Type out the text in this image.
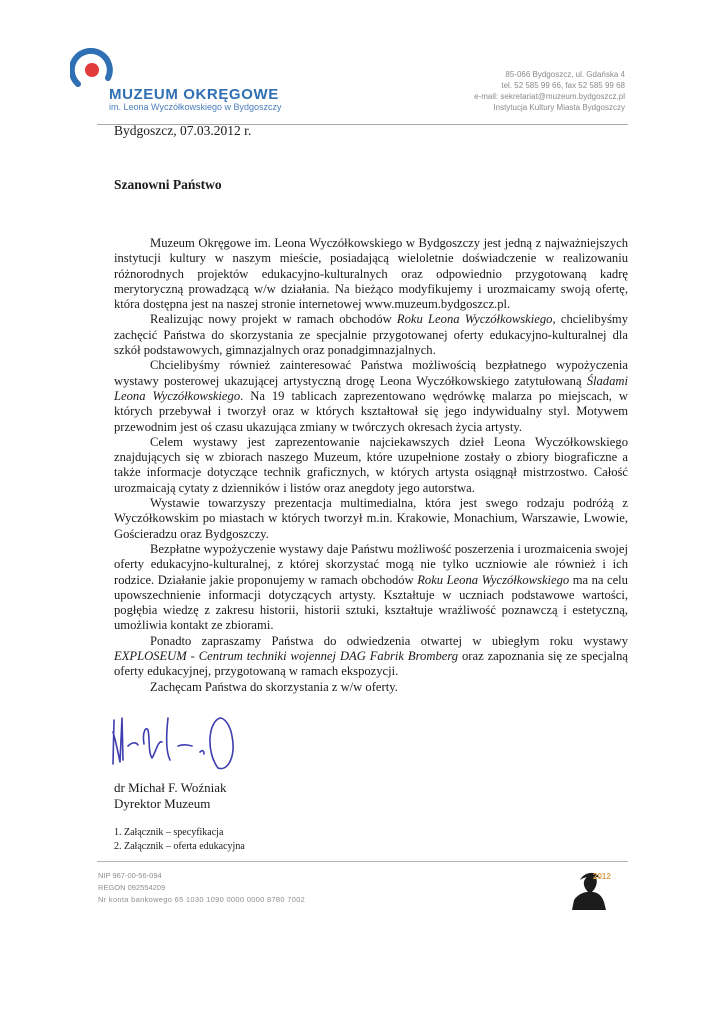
MUZEUM OKRĘGOWE
im. Leona Wyczółkowskiego w Bydgoszczy
85-066 Bydgoszcz, ul. Gdańska 4
tel. 52 585 99 66, fax 52 585 99 68
e-mail: sekretariat@muzeum.bydgoszcz.pl
Instytucja Kultury Miasta Bydgoszczy
Bydgoszcz, 07.03.2012 r.
Szanowni Państwo

Muzeum Okręgowe im. Leona Wyczółkowskiego w Bydgoszczy jest jedną z najważniejszych instytucji kultury w naszym mieście, posiadającą wieloletnie doświadczenie w realizowaniu różnorodnych projektów edukacyjno-kulturalnych oraz odpowiednio przygotowaną kadrę merytoryczną prowadzącą w/w działania. Na bieżąco modyfikujemy i urozmaicamy swoją ofertę, która dostępna jest na naszej stronie internetowej www.muzeum.bydgoszcz.pl.

Realizując nowy projekt w ramach obchodów Roku Leona Wyczółkowskiego, chcielibyśmy zachęcić Państwa do skorzystania ze specjalnie przygotowanej oferty edukacyjno-kulturalnej dla szkół podstawowych, gimnazjalnych oraz ponadgimnazjalnych.

Chcielibyśmy również zainteresować Państwa możliwością bezpłatnego wypożyczenia wystawy posterowej ukazującej artystyczną drogę Leona Wyczółkowskiego zatytułowaną Śladami Leona Wyczółkowskiego. Na 19 tablicach zaprezentowano wędrówkę malarza po miejscach, w których przebywał i tworzył oraz w których kształtował się jego indywidualny styl. Motywem przewodnim jest oś czasu ukazująca zmiany w twórczych okresach życia artysty.

Celem wystawy jest zaprezentowanie najciekawszych dzieł Leona Wyczółkowskiego znajdujących się w zbiorach naszego Muzeum, które uzupełnione zostały o zbiory biograficzne a także informacje dotyczące technik graficznych, w których artysta osiągnął mistrzostwo. Całość urozmaicają cytaty z dzienników i listów oraz anegdoty jego autorstwa.

Wystawie towarzyszy prezentacja multimedialna, która jest swego rodzaju podróżą z Wyczółkowskim po miastach w których tworzył m.in. Krakowie, Monachium, Warszawie, Lwowie, Gościeradzu oraz Bydgoszczy.

Bezpłatne wypożyczenie wystawy daje Państwu możliwość poszerzenia i urozmaicenia swojej oferty edukacyjno-kulturalnej, z której skorzystać mogą nie tylko uczniowie ale również i ich rodzice. Działanie jakie proponujemy w ramach obchodów Roku Leona Wyczółkowskiego ma na celu upowszechnienie informacji dotyczących artysty. Kształtuje w uczniach podstawowe wartości, pogłębia wiedzę z zakresu historii, historii sztuki, kształtuje wrażliwość poznawczą i estetyczną, umożliwia kontakt ze zbiorami.

Ponadto zapraszamy Państwa do odwiedzenia otwartej w ubiegłym roku wystawy EXPLOSEUM - Centrum techniki wojennej DAG Fabrik Bromberg oraz zapoznania się ze specjalną oferty edukacyjnej, przygotowaną w ramach ekspozycji.

Zachęcam Państwa do skorzystania z w/w oferty.

dr Michał F. Woźniak
Dyrektor Muzeum
1. Załącznik – specyfikacja
2. Załącznik – oferta edukacyjna
NIP 967-00-56-094
REGON 092554209
Nr konta bankowego 65 1030 1090 0000 0000 8780 7002
2012
